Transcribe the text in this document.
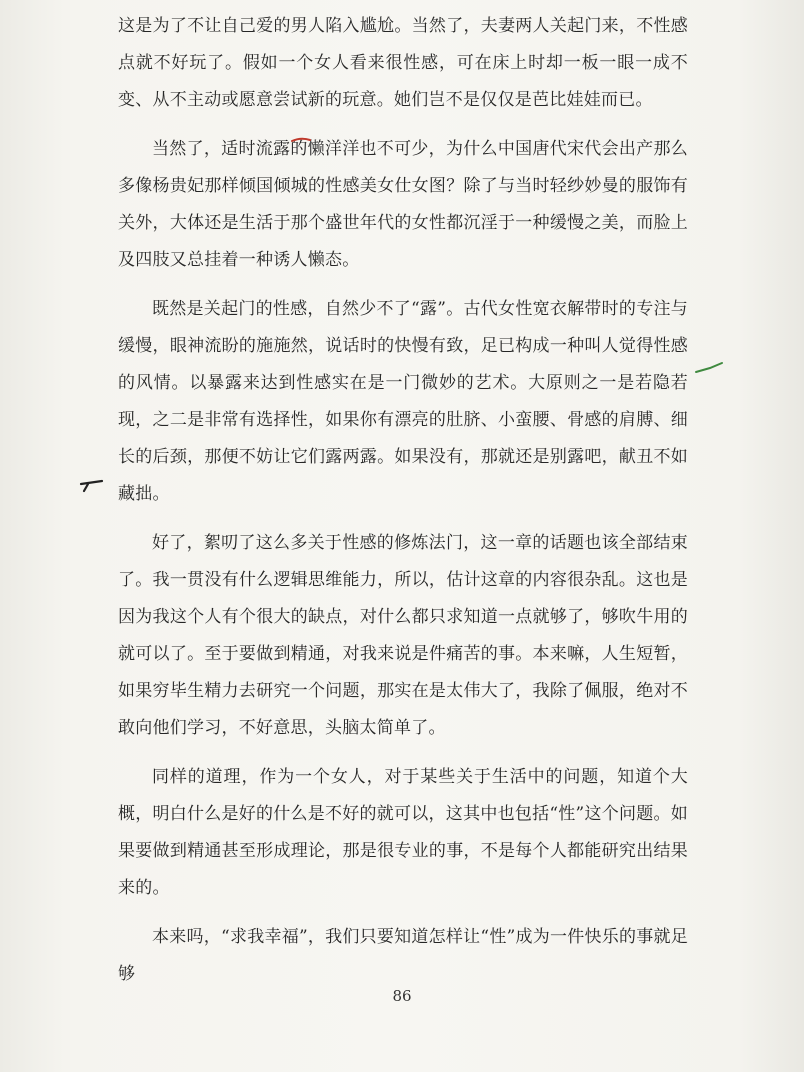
这是为了不让自己爱的男人陷入尴尬。当然了，夫妻两人关起门来，不性感点就不好玩了。假如一个女人看来很性感，可在床上时却一板一眼一成不变、从不主动或愿意尝试新的玩意。她们岂不是仅仅是芭比娃娃而已。

当然了，适时流露的懒洋洋也不可少，为什么中国唐代宋代会出产那么多像杨贵妃那样倾国倾城的性感美女仕女图？除了与当时轻纱妙曼的服饰有关外，大体还是生活于那个盛世年代的女性都沉淫于一种缓慢之美，而脸上及四肢又总挂着一种诱人懒态。

既然是关起门的性感，自然少不了“露”。古代女性宽衣解带时的专注与缓慢，眼神流盼的施施然，说话时的快慢有致，足已构成一种叫人觉得性感的风情。以暴露来达到性感实在是一门微妙的艺术。大原则之一是若隐若现，之二是非常有选择性，如果你有漂亮的肚脐、小蛮腰、骨感的肩膊、细长的后颈，那便不妨让它们露两露。如果没有，那就还是别露吧，献丑不如藏拙。

好了，絮叨了这么多关于性感的修炼法门，这一章的话题也该全部结束了。我一贯没有什么逻辑思维能力，所以，估计这章的内容很杂乱。这也是因为我这个人有个很大的缺点，对什么都只求知道一点就够了，够吹牛用的就可以了。至于要做到精通，对我来说是件痛苦的事。本来嘛，人生短暂，如果穷毕生精力去研究一个问题，那实在是太伟大了，我除了佩服，绝对不敢向他们学习，不好意思，头脑太简单了。

同样的道理，作为一个女人，对于某些关于生活中的问题，知道个大概，明白什么是好的什么是不好的就可以，这其中也包括“性”这个问题。如果要做到精通甚至形成理论，那是很专业的事，不是每个人都能研究出结果来的。

本来吗，“求我幸福”，我们只要知道怎样让“性”成为一件快乐的事就足够

86
